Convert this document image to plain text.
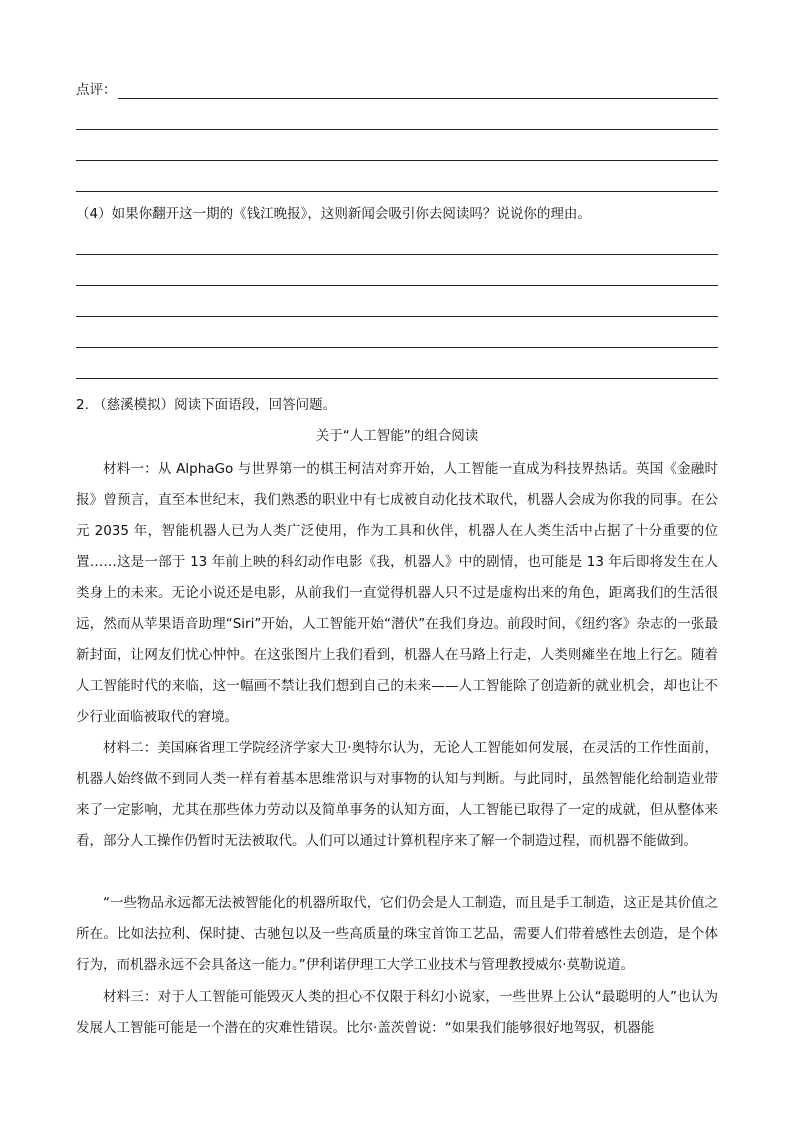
点评：
（4）如果你翻开这一期的《钱江晚报》，这则新闻会吸引你去阅读吗？说说你的理由。
2. （慈溪模拟）阅读下面语段，回答问题。
关于“人工智能”的组合阅读

材料一：从 AlphaGo 与世界第一的棋王柯洁对弈开始，人工智能一直成为科技界热话。英国《金融时报》曾预言，直至本世纪末，我们熟悉的职业中有七成被自动化技术取代，机器人会成为你我的同事。在公元 2035 年，智能机器人已为人类广泛使用，作为工具和伙伴，机器人在人类生活中占据了十分重要的位置……这是一部于 13 年前上映的科幻动作电影《我，机器人》中的剧情，也可能是 13 年后即将发生在人类身上的未来。无论小说还是电影，从前我们一直觉得机器人只不过是虚构出来的角色，距离我们的生活很远，然而从苹果语音助理“Siri”开始，人工智能开始“潜伏”在我们身边。前段时间，《纽约客》杂志的一张最新封面，让网友们忧心忡忡。在这张图片上我们看到，机器人在马路上行走，人类则瘫坐在地上行乞。随着人工智能时代的来临，这一幅画不禁让我们想到自己的未来——人工智能除了创造新的就业机会，却也让不少行业面临被取代的窘境。

材料二：美国麻省理工学院经济学家大卫·奥特尔认为，无论人工智能如何发展，在灵活的工作性面前，机器人始终做不到同人类一样有着基本思维常识与对事物的认知与判断。与此同时，虽然智能化给制造业带来了一定影响，尤其在那些体力劳动以及简单事务的认知方面，人工智能已取得了一定的成就，但从整体来看，部分人工操作仍暂时无法被取代。人们可以通过计算机程序来了解一个制造过程，而机器不能做到。

“一些物品永远都无法被智能化的机器所取代，它们仍会是人工制造，而且是手工制造，这正是其价值之所在。比如法拉利、保时捷、古驰包以及一些高质量的珠宝首饰工艺品，需要人们带着感性去创造，是个体行为，而机器永远不会具备这一能力。”伊利诺伊理工大学工业技术与管理教授威尔·莫勒说道。

材料三：对于人工智能可能毁灭人类的担心不仅限于科幻小说家，一些世界上公认“最聪明的人”也认为发展人工智能可能是一个潜在的灾难性错误。比尔·盖茨曾说：“如果我们能够很好地驾驭，机器能
